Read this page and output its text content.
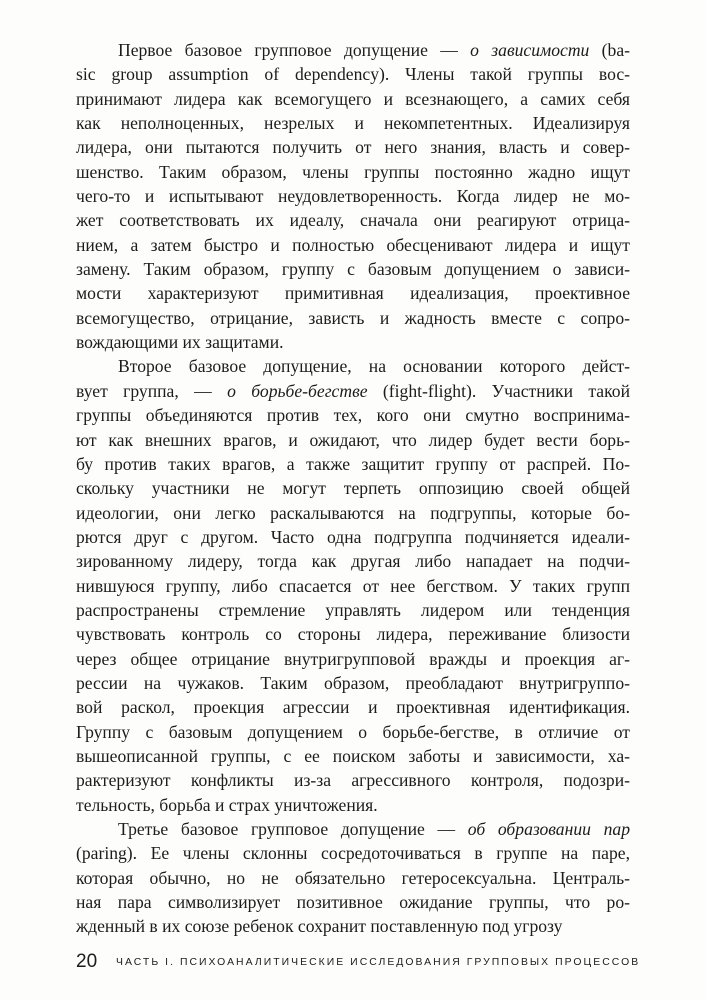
Первое базовое групповое допущение — о зависимости (ba-
sic group assumption of dependency). Члены такой группы вос-
принимают лидера как всемогущего и всезнающего, а самих себя
как неполноценных, незрелых и некомпетентных. Идеализируя
лидера, они пытаются получить от него знания, власть и совер-
шенство. Таким образом, члены группы постоянно жадно ищут
чего-то и испытывают неудовлетворенность. Когда лидер не мо-
жет соответствовать их идеалу, сначала они реагируют отрица-
нием, а затем быстро и полностью обесценивают лидера и ищут
замену. Таким образом, группу с базовым допущением о зависи-
мости характеризуют примитивная идеализация, проективное
всемогущество, отрицание, зависть и жадность вместе с сопро-
вождающими их защитами.
Второе базовое допущение, на основании которого дейст-
вует группа, — о борьбе-бегстве (fight-flight). Участники такой
группы объединяются против тех, кого они смутно воспринима-
ют как внешних врагов, и ожидают, что лидер будет вести борь-
бу против таких врагов, а также защитит группу от распрей. По-
скольку участники не могут терпеть оппозицию своей общей
идеологии, они легко раскалываются на подгруппы, которые бо-
рются друг с другом. Часто одна подгруппа подчиняется идеали-
зированному лидеру, тогда как другая либо нападает на подчи-
нившуюся группу, либо спасается от нее бегством. У таких групп
распространены стремление управлять лидером или тенденция
чувствовать контроль со стороны лидера, переживание близости
через общее отрицание внутригрупповой вражды и проекция аг-
рессии на чужаков. Таким образом, преобладают внутригруппо-
вой раскол, проекция агрессии и проективная идентификация.
Группу с базовым допущением о борьбе-бегстве, в отличие от
вышеописанной группы, с ее поиском заботы и зависимости, ха-
рактеризуют конфликты из-за агрессивного контроля, подозри-
тельность, борьба и страх уничтожения.
Третье базовое групповое допущение — об образовании пар
(paring). Ее члены склонны сосредоточиваться в группе на паре,
которая обычно, но не обязательно гетеросексуальна. Централь-
ная пара символизирует позитивное ожидание группы, что ро-
жденный в их союзе ребенок сохранит поставленную под угрозу
20 ЧАСТЬ I. ПСИХОАНАЛИТИЧЕСКИЕ ИССЛЕДОВАНИЯ ГРУППОВЫХ ПРОЦЕССОВ
